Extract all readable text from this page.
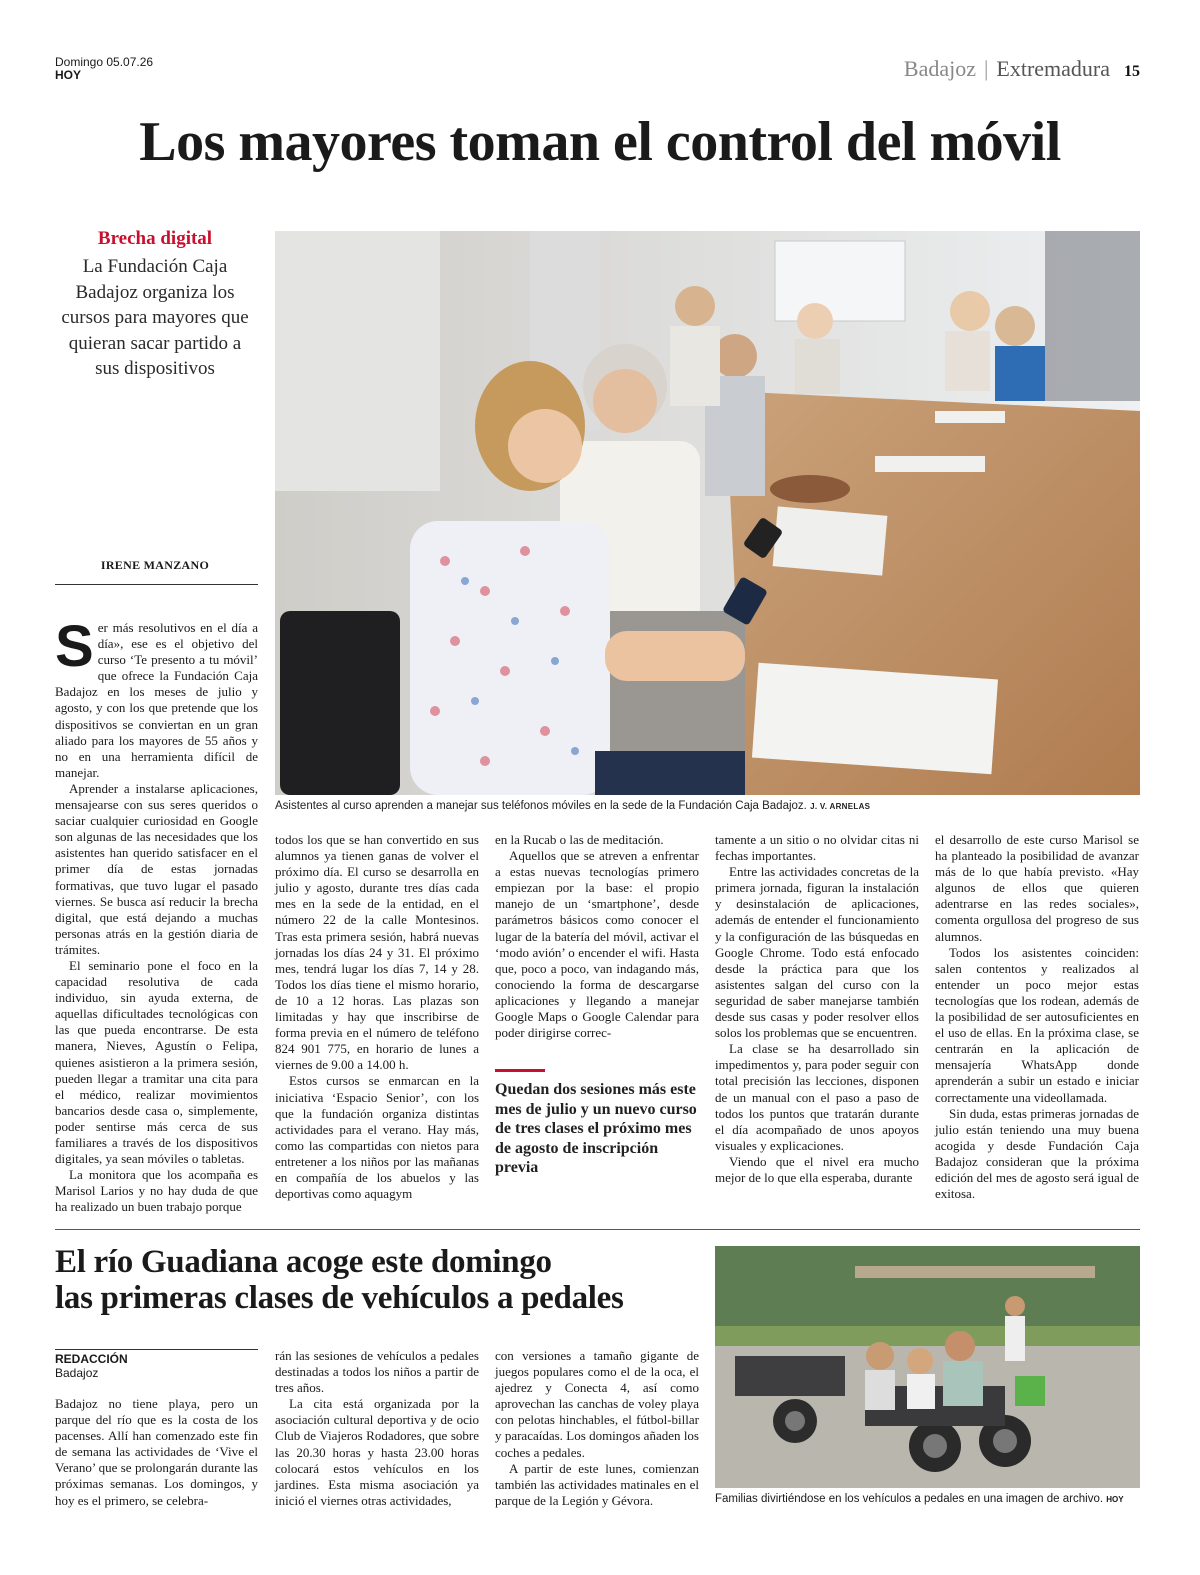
Domingo 05.07.26
HOY	Badajoz | Extremadura 15
Los mayores toman el control del móvil
Brecha digital
La Fundación Caja Badajoz organiza los cursos para mayores que quieran sacar partido a sus dispositivos
IRENE MANZANO
Asistentes al curso aprenden a manejar sus teléfonos móviles en la sede de la Fundación Caja Badajoz. J. V. ARNELAS

Ser más resolutivos en el día a día», ese es el objetivo del curso ‘Te presento a tu móvil’ que ofrece la Fundación Caja Badajoz en los meses de julio y agosto, y con los que pretende que los dispositivos se conviertan en un gran aliado para los mayores de 55 años y no en una herramienta difícil de manejar.

Aprender a instalarse aplicaciones, mensajearse con sus seres queridos o saciar cualquier curiosidad en Google son algunas de las necesidades que los asistentes han querido satisfacer en el primer día de estas jornadas formativas, que tuvo lugar el pasado viernes. Se busca así reducir la brecha digital, que está dejando a muchas personas atrás en la gestión diaria de trámites.

El seminario pone el foco en la capacidad resolutiva de cada individuo, sin ayuda externa, de aquellas dificultades tecnológicas con las que pueda encontrarse. De esta manera, Nieves, Agustín o Felipa, quienes asistieron a la primera sesión, pueden llegar a tramitar una cita para el médico, realizar movimientos bancarios desde casa o, simplemente, poder sentirse más cerca de sus familiares a través de los dispositivos digitales, ya sean móviles o tabletas.

La monitora que los acompaña es Marisol Larios y no hay duda de que ha realizado un buen trabajo porque

todos los que se han convertido en sus alumnos ya tienen ganas de volver el próximo día. El curso se desarrolla en julio y agosto, durante tres días cada mes en la sede de la entidad, en el número 22 de la calle Montesinos. Tras esta primera sesión, habrá nuevas jornadas los días 24 y 31. El próximo mes, tendrá lugar los días 7, 14 y 28. Todos los días tiene el mismo horario, de 10 a 12 horas. Las plazas son limitadas y hay que inscribirse de forma previa en el número de teléfono 824 901 775, en horario de lunes a viernes de 9.00 a 14.00 h.

Estos cursos se enmarcan en la iniciativa ‘Espacio Senior’, con los que la fundación organiza distintas actividades para el verano. Hay más, como las compartidas con nietos para entretener a los niños por las mañanas en compañía de los abuelos y las deportivas como aquagym

en la Rucab o las de meditación.

Aquellos que se atreven a enfrentar a estas nuevas tecnologías primero empiezan por la base: el propio manejo de un ‘smartphone’, desde parámetros básicos como conocer el lugar de la batería del móvil, activar el ‘modo avión’ o encender el wifi. Hasta que, poco a poco, van indagando más, conociendo la forma de descargarse aplicaciones y llegando a manejar Google Maps o Google Calendar para poder dirigirse correc-

Quedan dos sesiones más este mes de julio y un nuevo curso de tres clases el próximo mes de agosto de inscripción previa

tamente a un sitio o no olvidar citas ni fechas importantes.

Entre las actividades concretas de la primera jornada, figuran la instalación y desinstalación de aplicaciones, además de entender el funcionamiento y la configuración de las búsquedas en Google Chrome. Todo está enfocado desde la práctica para que los asistentes salgan del curso con la seguridad de saber manejarse también desde sus casas y poder resolver ellos solos los problemas que se encuentren.

La clase se ha desarrollado sin impedimentos y, para poder seguir con total precisión las lecciones, disponen de un manual con el paso a paso de todos los puntos que tratarán durante el día acompañado de unos apoyos visuales y explicaciones.

Viendo que el nivel era mucho mejor de lo que ella esperaba, durante

el desarrollo de este curso Marisol se ha planteado la posibilidad de avanzar más de lo que había previsto. «Hay algunos de ellos que quieren adentrarse en las redes sociales», comenta orgullosa del progreso de sus alumnos.

Todos los asistentes coinciden: salen contentos y realizados al entender un poco mejor estas tecnologías que los rodean, además de la posibilidad de ser autosuficientes en el uso de ellas. En la próxima clase, se centrarán en la aplicación de mensajería WhatsApp donde aprenderán a subir un estado e iniciar correctamente una videollamada.

Sin duda, estas primeras jornadas de julio están teniendo una muy buena acogida y desde Fundación Caja Badajoz consideran que la próxima edición del mes de agosto será igual de exitosa.

El río Guadiana acoge este domingo
las primeras clases de vehículos a pedales
REDACCIÓN
Badajoz

Badajoz no tiene playa, pero un parque del río que es la costa de los pacenses. Allí han comenzado este fin de semana las actividades de ‘Vive el Verano’ que se prolongarán durante las próximas semanas. Los domingos, y hoy es el primero, se celebra-

rán las sesiones de vehículos a pedales destinadas a todos los niños a partir de tres años.

La cita está organizada por la asociación cultural deportiva y de ocio Club de Viajeros Rodadores, que sobre las 20.30 horas y hasta 23.00 horas colocará estos vehículos en los jardines. Esta misma asociación ya inició el viernes otras actividades,

con versiones a tamaño gigante de juegos populares como el de la oca, el ajedrez y Conecta 4, así como aprovechan las canchas de voley playa con pelotas hinchables, el fútbol-billar y paracaídas. Los domingos añaden los coches a pedales.

A partir de este lunes, comienzan también las actividades matinales en el parque de la Legión y Gévora.	Familias divirtiéndose en los vehículos a pedales en una imagen de archivo. HOY
